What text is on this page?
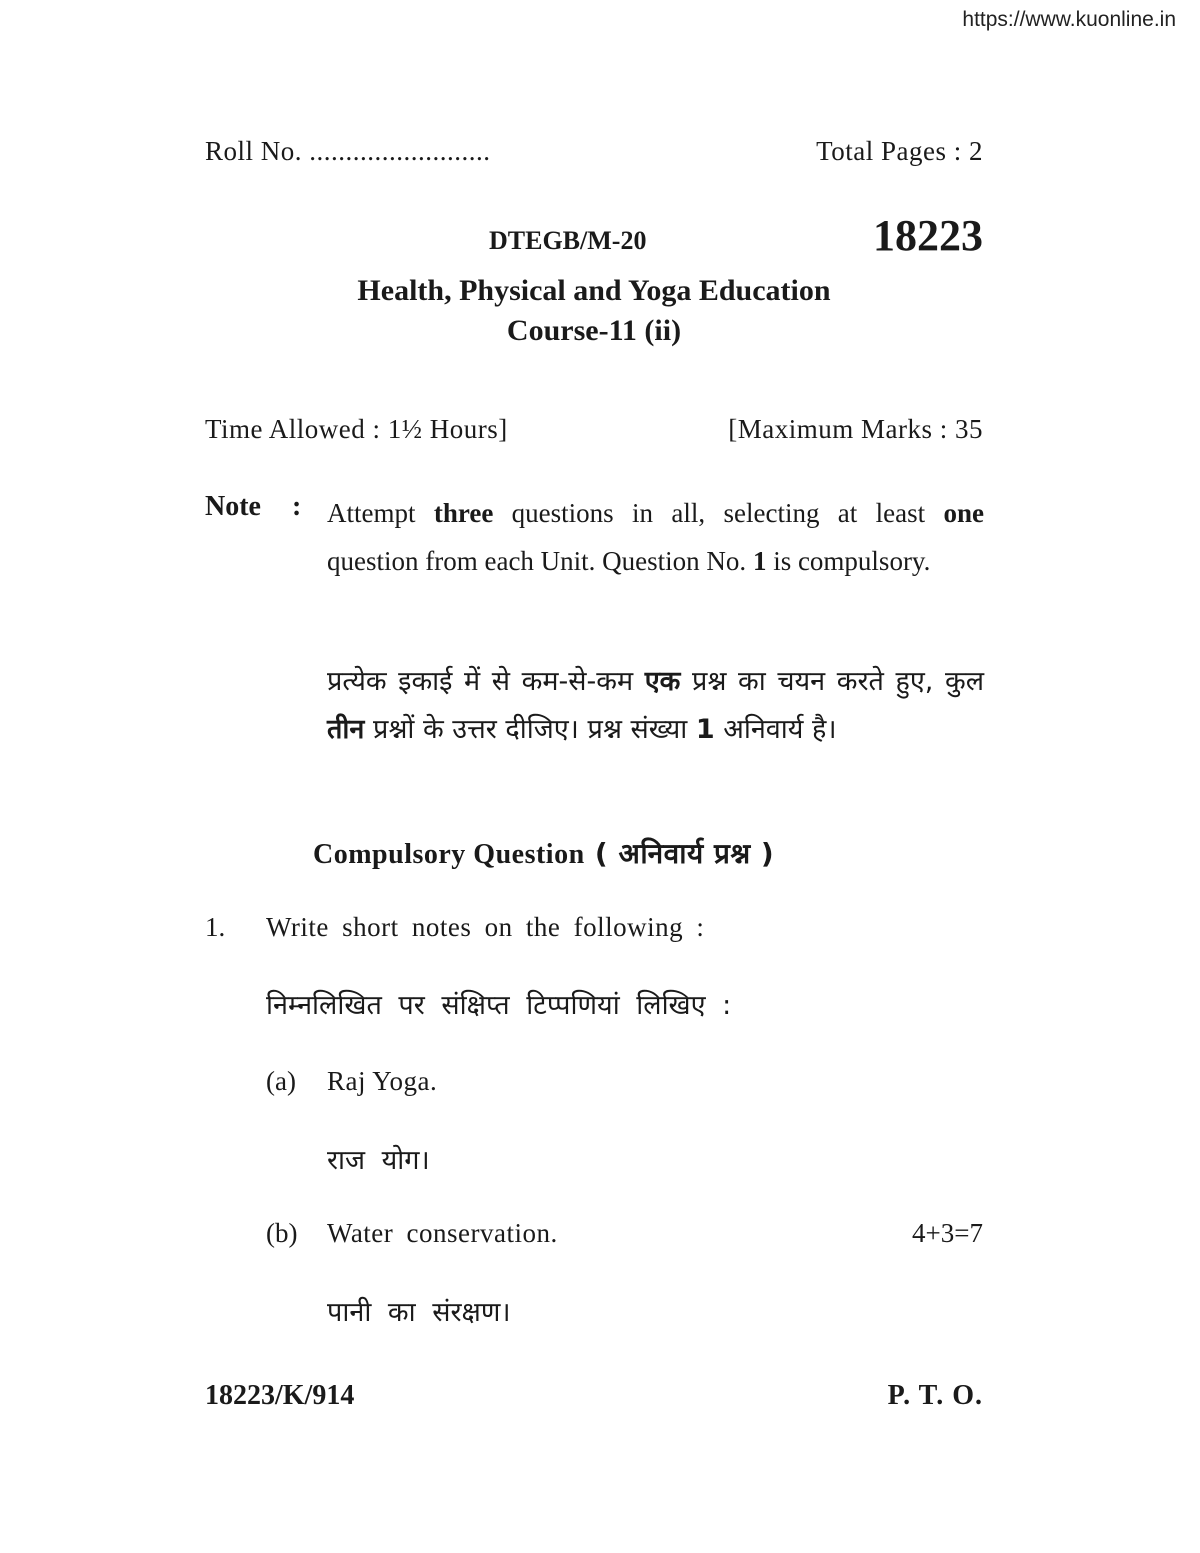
https://www.kuonline.in
Roll No. .........................	Total Pages : 2
DTEGB/M-20	18223
Health, Physical and Yoga Education
Course-11 (ii)
Time Allowed : 1½ Hours]	[Maximum Marks : 35
Note : Attempt three questions in all, selecting at least one question from each Unit. Question No. 1 is compulsory.
प्रत्येक इकाई में से कम-से-कम एक प्रश्न का चयन करते हुए, कुल तीन प्रश्नों के उत्तर दीजिए। प्रश्न संख्या 1 अनिवार्य है।
Compulsory Question ( अनिवार्य प्रश्न )
1. Write short notes on the following :
निम्नलिखित पर संक्षिप्त टिप्पणियां लिखिए :
(a) Raj Yoga.
राज योग।
(b) Water conservation.	4+3=7
पानी का संरक्षण।
18223/K/914	P. T. O.
